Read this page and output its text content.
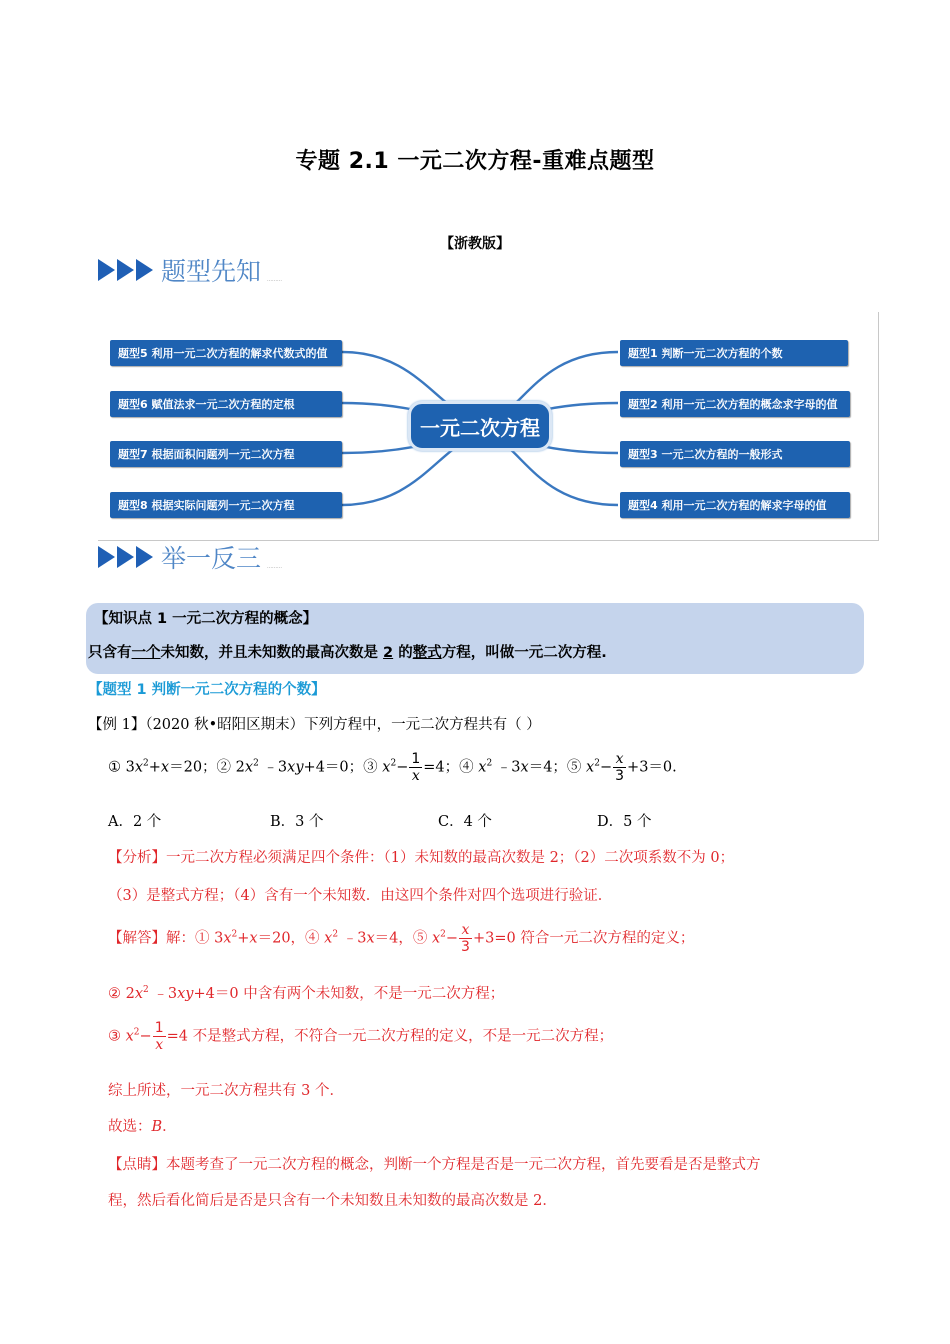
专题 2.1 一元二次方程-重难点题型
【浙教版】
题型先知 ………
题型5 利用一元二次方程的解求代数式的值
题型6 赋值法求一元二次方程的定根
题型7 根据面积问题列一元二次方程
题型8 根据实际问题列一元二次方程
题型1 判断一元二次方程的个数
题型2 利用一元二次方程的概念求字母的值
题型3 一元二次方程的一般形式
题型4 利用一元二次方程的解求字母的值
一元二次方程
举一反三 ………
【知识点 1 一元二次方程的概念】
只含有一个未知数，并且未知数的最高次数是 2 的整式方程，叫做一元二次方程.
【题型 1 判断一元二次方程的个数】
【例 1】（2020 秋•昭阳区期末）下列方程中，一元二次方程共有（ ）
① $3x^2+x=20$；② $2x^2$ ﹣3xy+4＝0；③ $x^2- \frac{1}{x} =4$；④ $x^2$ ﹣3x＝4；⑤ $x^2- \frac{x}{3} +3=0$.
A．2 个	B．3 个	C．4 个	D．5 个
【分析】一元二次方程必须满足四个条件：（1）未知数的最高次数是 2；（2）二次项系数不为 0；
（3）是整式方程；（4）含有一个未知数．由这四个条件对四个选项进行验证．
【解答】解：① $3x^2+x=20$，④ $x^2$ ﹣3x＝4，⑤ $x^2- \frac{x}{3} +3=0$ 符合一元二次方程的定义；
② $2x^2$ ﹣3xy+4＝0 中含有两个未知数，不是一元二次方程；
③ $x^2- \frac{1}{x} =4$ 不是整式方程，不符合一元二次方程的定义，不是一元二次方程；
综上所述，一元二次方程共有 3 个．
故选：B．
【点睛】本题考查了一元二次方程的概念，判断一个方程是否是一元二次方程，首先要看是否是整式方
程，然后看化简后是否是只含有一个未知数且未知数的最高次数是 2．
